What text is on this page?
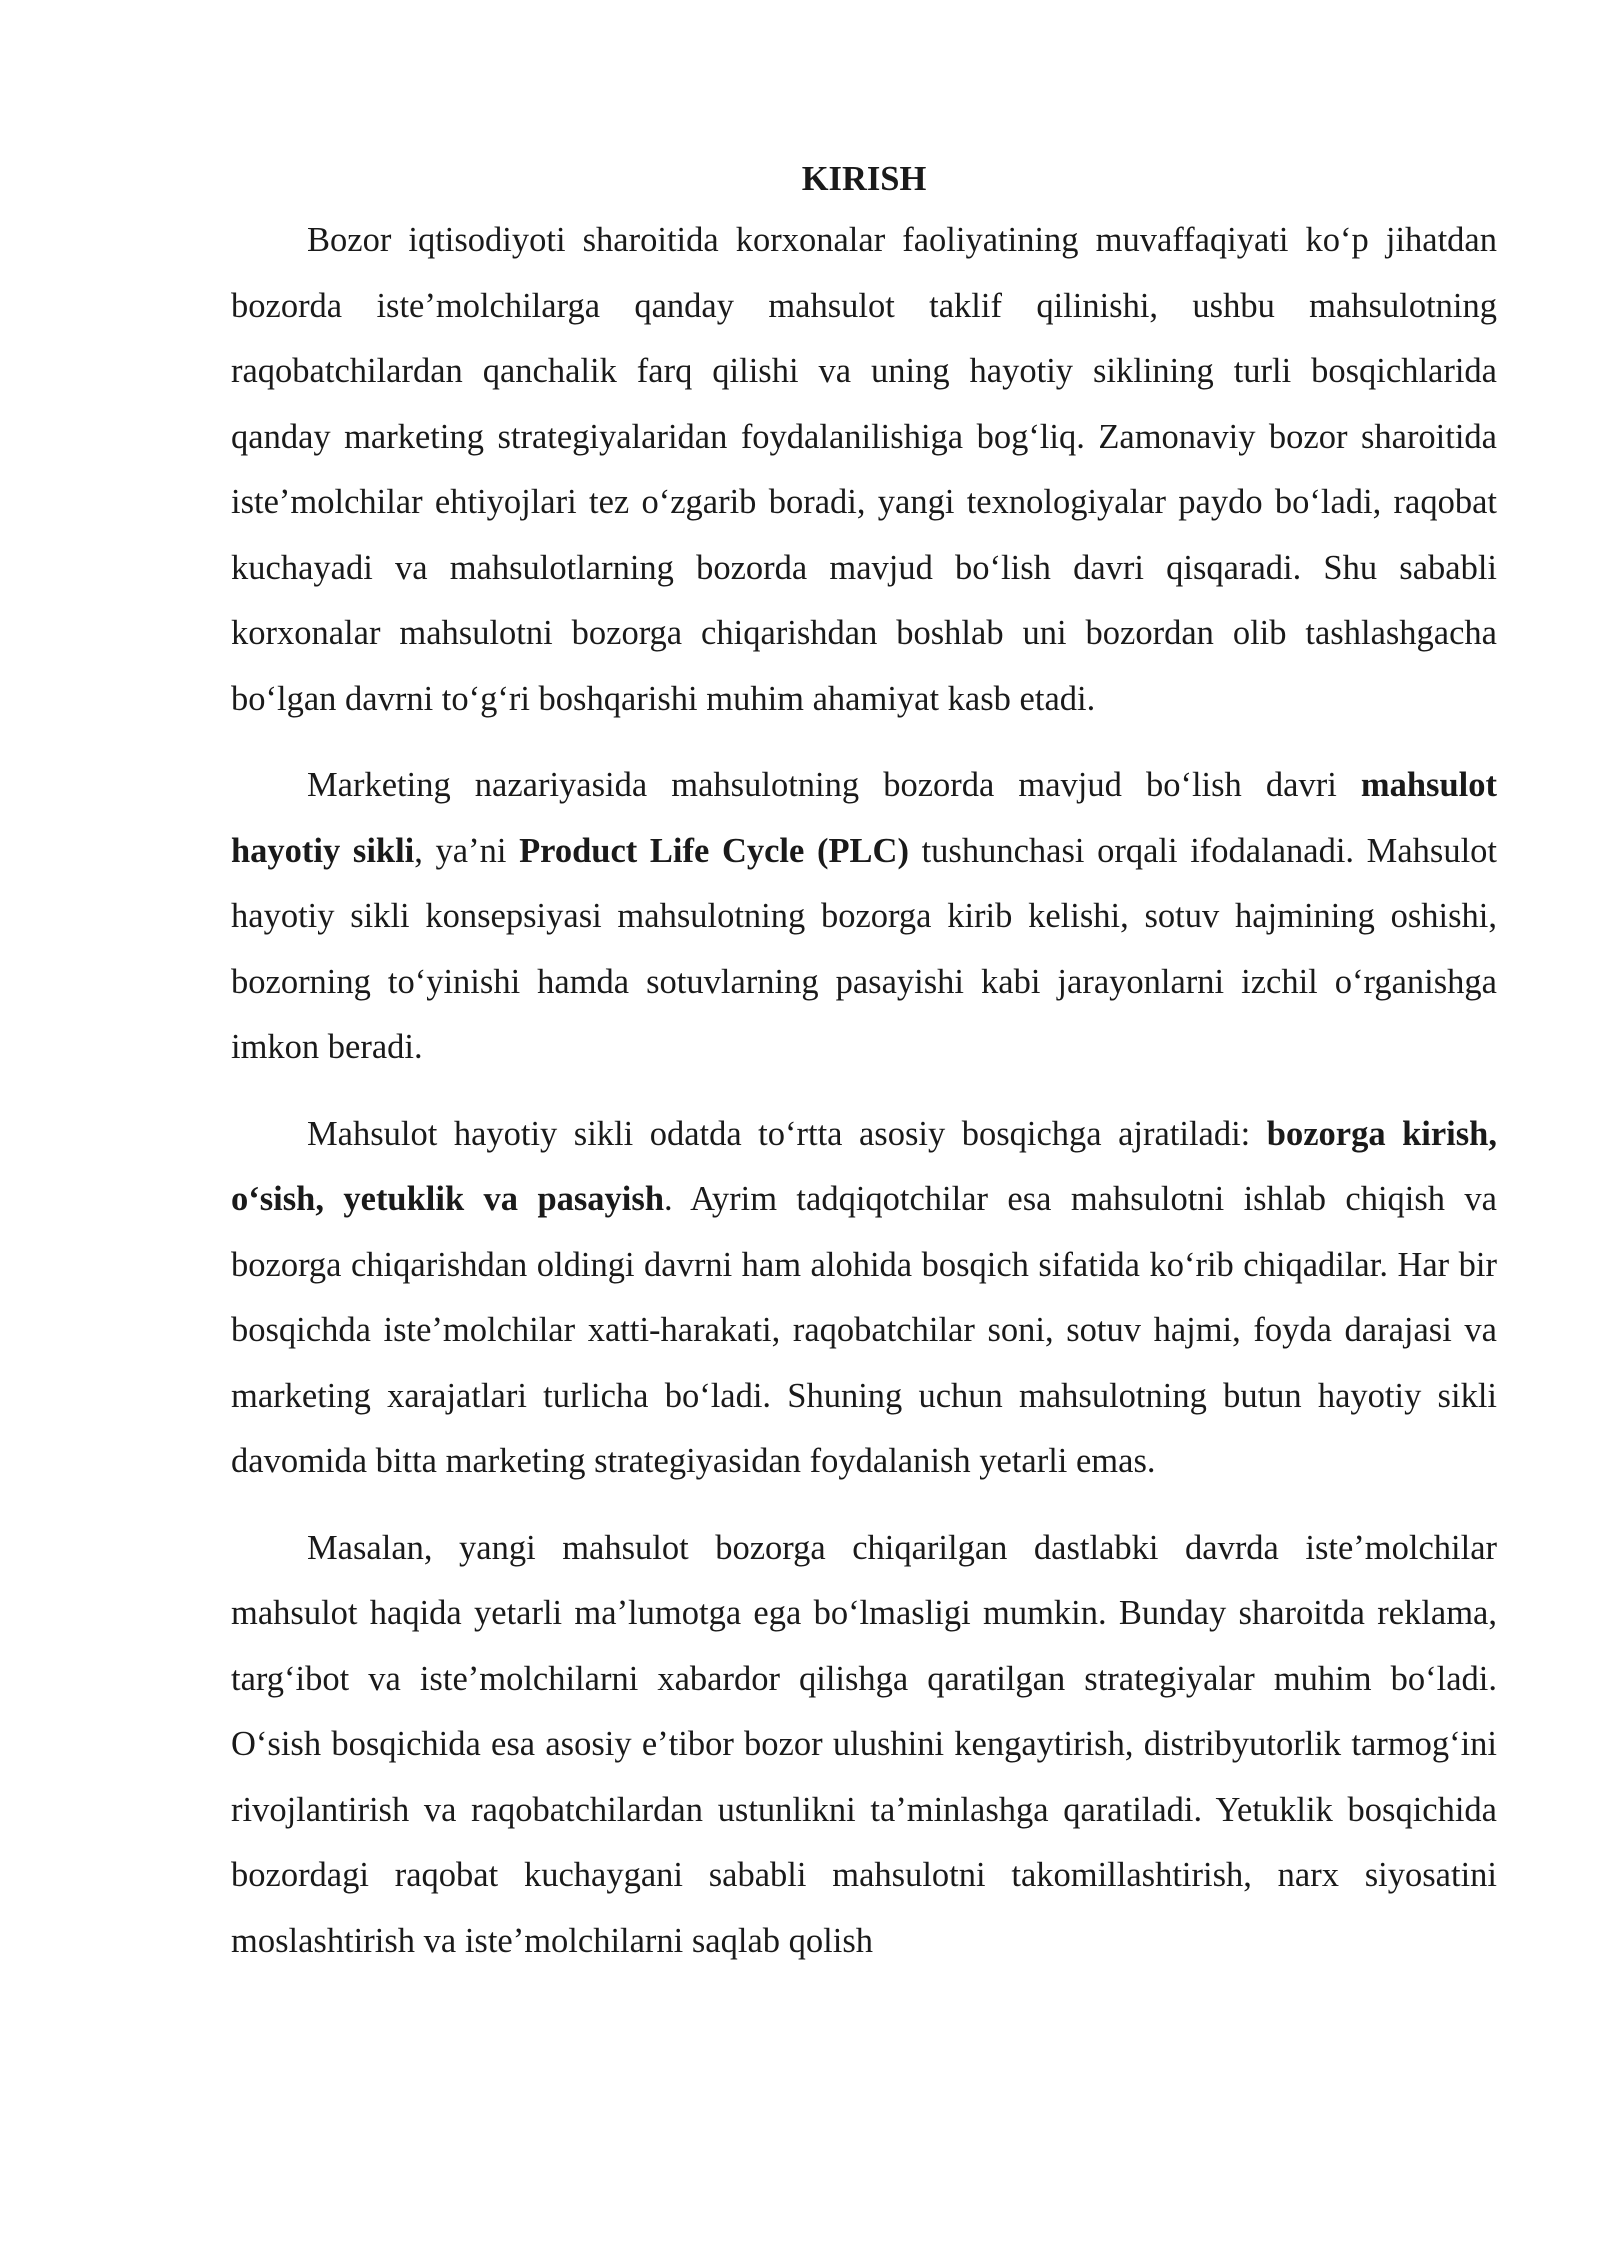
KIRISH

Bozor iqtisodiyoti sharoitida korxonalar faoliyatining muvaffaqiyati koʻp jihatdan bozorda isteʼmolchilarga qanday mahsulot taklif qilinishi, ushbu mahsulotning raqobatchilardan qanchalik farq qilishi va uning hayotiy siklining turli bosqichlarida qanday marketing strategiyalaridan foydalanilishiga bogʻliq. Zamonaviy bozor sharoitida isteʼmolchilar ehtiyojlari tez oʻzgarib boradi, yangi texnologiyalar paydo boʻladi, raqobat kuchayadi va mahsulotlarning bozorda mavjud boʻlish davri qisqaradi. Shu sababli korxonalar mahsulotni bozorga chiqarishdan boshlab uni bozordan olib tashlashgacha boʻlgan davrni toʻgʻri boshqarishi muhim ahamiyat kasb etadi.

Marketing nazariyasida mahsulotning bozorda mavjud boʻlish davri mahsulot hayotiy sikli, yaʼni Product Life Cycle (PLC) tushunchasi orqali ifodalanadi. Mahsulot hayotiy sikli konsepsiyasi mahsulotning bozorga kirib kelishi, sotuv hajmining oshishi, bozorning toʻyinishi hamda sotuvlarning pasayishi kabi jarayonlarni izchil oʻrganishga imkon beradi.

Mahsulot hayotiy sikli odatda toʻrtta asosiy bosqichga ajratiladi: bozorga kirish, oʻsish, yetuklik va pasayish. Ayrim tadqiqotchilar esa mahsulotni ishlab chiqish va bozorga chiqarishdan oldingi davrni ham alohida bosqich sifatida koʻrib chiqadilar. Har bir bosqichda isteʼmolchilar xatti-harakati, raqobatchilar soni, sotuv hajmi, foyda darajasi va marketing xarajatlari turlicha boʻladi. Shuning uchun mahsulotning butun hayotiy sikli davomida bitta marketing strategiyasidan foydalanish yetarli emas.

Masalan, yangi mahsulot bozorga chiqarilgan dastlabki davrda isteʼmolchilar mahsulot haqida yetarli maʼlumotga ega boʻlmasligi mumkin. Bunday sharoitda reklama, targʻibot va isteʼmolchilarni xabardor qilishga qaratilgan strategiyalar muhim boʻladi. Oʻsish bosqichida esa asosiy eʼtibor bozor ulushini kengaytirish, distribyutorlik tarmogʻini rivojlantirish va raqobatchilardan ustunlikni taʼminlashga qaratiladi. Yetuklik bosqichida bozordagi raqobat kuchaygani sababli mahsulotni takomillashtirish, narx siyosatini moslashtirish va isteʼmolchilarni saqlab qolish
